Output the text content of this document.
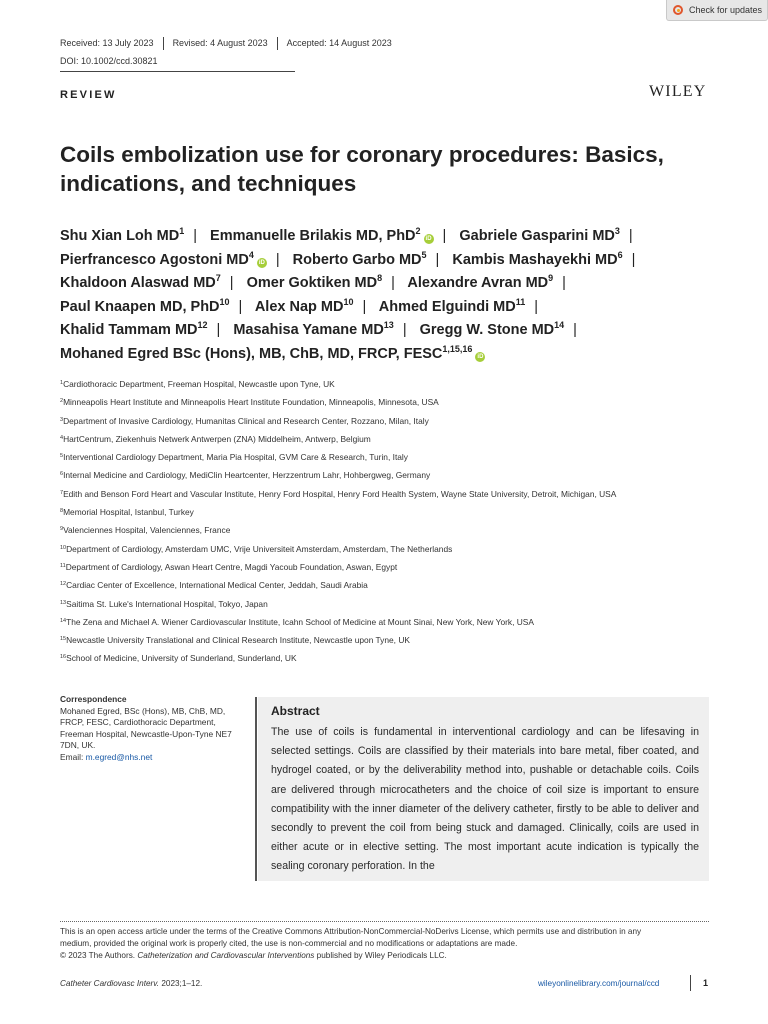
Check for updates
Received: 13 July 2023 Revised: 4 August 2023 Accepted: 14 August 2023
DOI: 10.1002/ccd.30821
REVIEW	WILEY
Coils embolization use for coronary procedures: Basics,
indications, and techniques
Shu Xian Loh $MD^1$ | Emmanuelle Brilakis MD, PhD$^2$iD | Gabriele Gasparini $MD^3$ |
Pierfrancesco Agostoni $MD^4iD$ | Roberto Garbo $MD^5$ | Kambis Mashayekhi $MD^6$ |
Khaldoon Alaswad $MD^7$ | Omer Goktiken $MD^8$ | Alexandre Avran $MD^9$ |
Paul Knaapen MD, PhD$^{10}$ | Alex Nap MD$^{10}$ | Ahmed Elguindi MD$^{11}$ |
Khalid Tammam MD$^{12}$ | Masahisa Yamane MD$^{13}$ | Gregg W. Stone MD$^{14}$ |
Mohaned Egred BSc (Hons), MB, ChB, MD, FRCP, FESC$^{1,15,16}$iD
$^1$Cardiothoracic Department, Freeman Hospital, Newcastle upon Tyne, UK
$^2$Minneapolis Heart Institute and Minneapolis Heart Institute Foundation, Minneapolis, Minnesota, USA
$^3$Department of Invasive Cardiology, Humanitas Clinical and Research Center, Rozzano, Milan, Italy
$^4$HartCentrum, Ziekenhuis Netwerk Antwerpen (ZNA) Middelheim, Antwerp, Belgium
$^5$Interventional Cardiology Department, Maria Pia Hospital, GVM Care & Research, Turin, Italy
$^6$Internal Medicine and Cardiology, MediClin Heartcenter, Herzzentrum Lahr, Hohbergweg, Germany
$^7$Edith and Benson Ford Heart and Vascular Institute, Henry Ford Hospital, Henry Ford Health System, Wayne State University, Detroit, Michigan, USA
$^8$Memorial Hospital, Istanbul, Turkey
$^9$Valenciennes Hospital, Valenciennes, France
$^{10}$Department of Cardiology, Amsterdam UMC, Vrije Universiteit Amsterdam, Amsterdam, The Netherlands
$^{11}$Department of Cardiology, Aswan Heart Centre, Magdi Yacoub Foundation, Aswan, Egypt
$^{12}$Cardiac Center of Excellence, International Medical Center, Jeddah, Saudi Arabia
$^{13}$Saitima St. Luke's International Hospital, Tokyo, Japan
$^{14}$The Zena and Michael A. Wiener Cardiovascular Institute, Icahn School of Medicine at Mount Sinai, New York, New York, USA
$^{15}$Newcastle University Translational and Clinical Research Institute, Newcastle upon Tyne, UK
$^{16}$School of Medicine, University of Sunderland, Sunderland, UK
Correspondence
Mohaned Egred, BSc (Hons), MB, ChB, MD,
FRCP, FESC, Cardiothoracic Department,
Freeman Hospital, Newcastle-Upon-Tyne NE7
7DN, UK.
Email: m.egred@nhs.net
Abstract
The use of coils is fundamental in interventional cardiology and can be lifesaving in selected settings. Coils are classified by their materials into bare metal, fiber coated, and hydrogel coated, or by the deliverability method into, pushable or detachable coils. Coils are delivered through microcatheters and the choice of coil size is important to ensure compatibility with the inner diameter of the delivery catheter, firstly to be able to deliver and secondly to prevent the coil from being stuck and damaged. Clinically, coils are used in either acute or in elective setting. The most important acute indication is typically the sealing coronary perforation. In the
This is an open access article under the terms of the Creative Commons Attribution-NonCommercial-NoDerivs License, which permits use and distribution in any
medium, provided the original work is properly cited, the use is non-commercial and no modifications or adaptations are made.
© 2023 The Authors. Catheterization and Cardiovascular Interventions published by Wiley Periodicals LLC.
Catheter Cardiovasc Interv. 2023;1–12.	wileyonlinelibrary.com/journal/ccd	1
